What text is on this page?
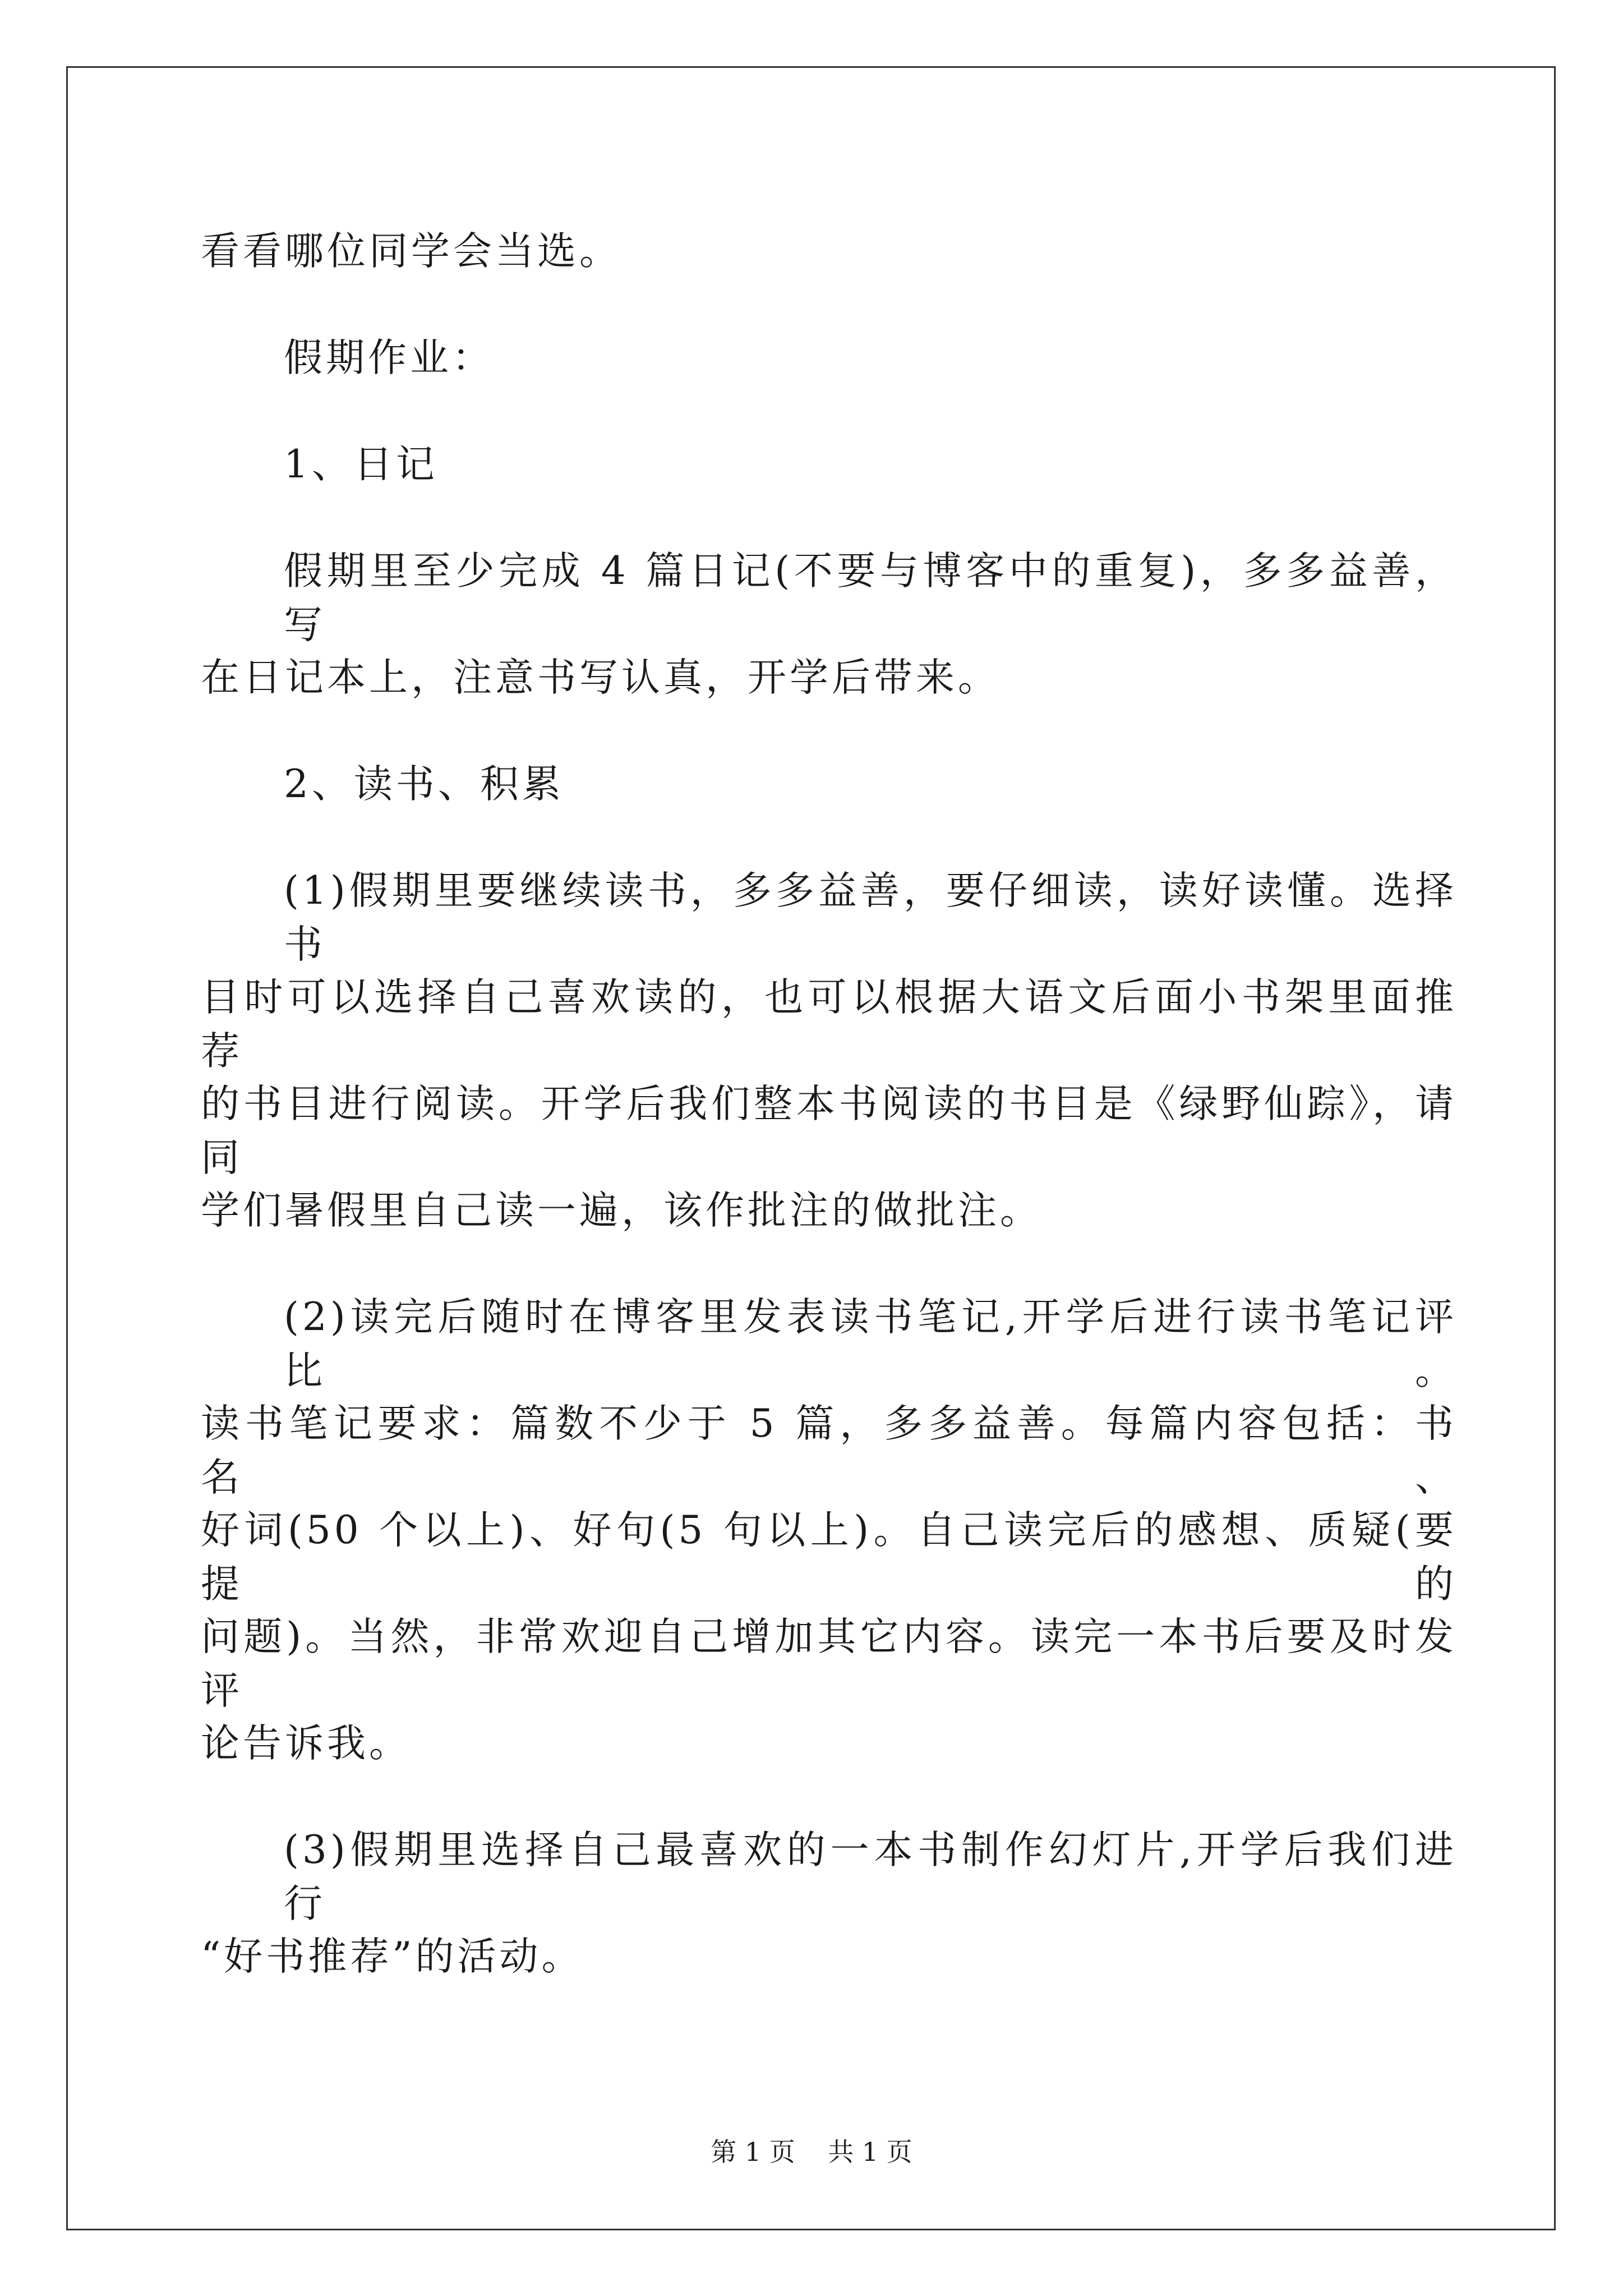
看看哪位同学会当选。
假期作业：
1、日记
假期里至少完成 4 篇日记(不要与博客中的重复)，多多益善，写
在日记本上，注意书写认真，开学后带来。
2、读书、积累
(1)假期里要继续读书，多多益善，要仔细读，读好读懂。选择书
目时可以选择自己喜欢读的，也可以根据大语文后面小书架里面推荐
的书目进行阅读。开学后我们整本书阅读的书目是《绿野仙踪》，请同
学们暑假里自己读一遍，该作批注的做批注。
(2)读完后随时在博客里发表读书笔记,开学后进行读书笔记评比。
读书笔记要求：篇数不少于 5 篇，多多益善。每篇内容包括：书名、
好词(50 个以上)、好句(5 句以上)。自己读完后的感想、质疑(要提的
问题)。当然，非常欢迎自己增加其它内容。读完一本书后要及时发评
论告诉我。
(3)假期里选择自己最喜欢的一本书制作幻灯片,开学后我们进行
“好书推荐”的活动。
第 1 页    共 1 页
